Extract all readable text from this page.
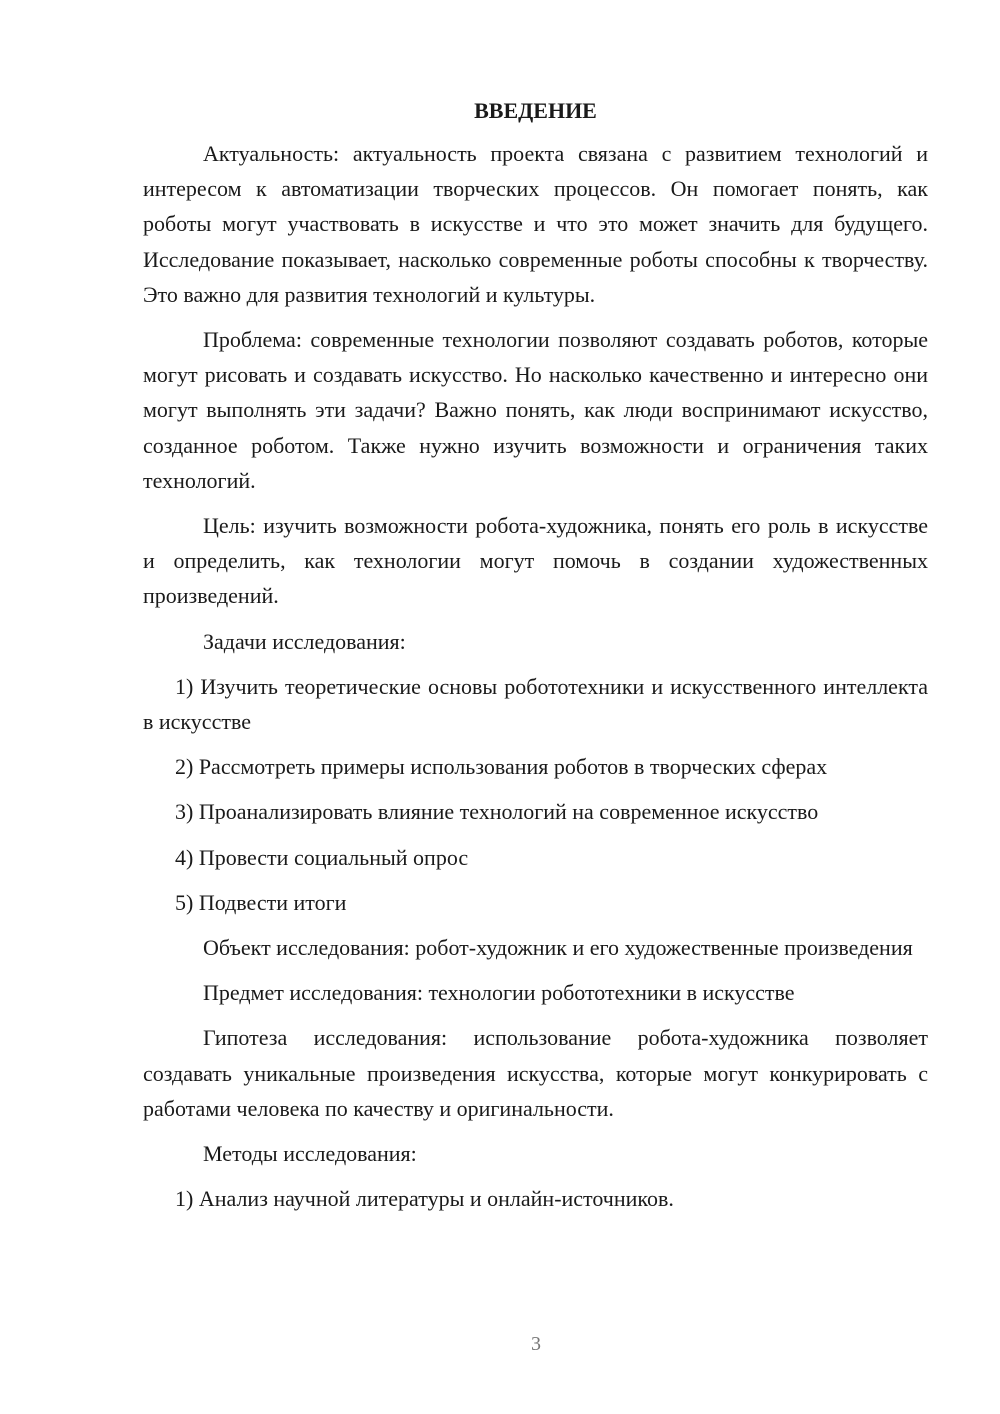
ВВЕДЕНИЕ

Актуальность: актуальность проекта связана с развитием технологий и интересом к автоматизации творческих процессов. Он помогает понять, как роботы могут участвовать в искусстве и что это может значить для будущего. Исследование показывает, насколько современные роботы способны к творчеству. Это важно для развития технологий и культуры.

Проблема: современные технологии позволяют создавать роботов, которые могут рисовать и создавать искусство. Но насколько качественно и интересно они могут выполнять эти задачи? Важно понять, как люди воспринимают искусство, созданное роботом. Также нужно изучить возможности и ограничения таких технологий.

Цель: изучить возможности робота-художника, понять его роль в искусстве и определить, как технологии могут помочь в создании художественных произведений.

Задачи исследования:

1) Изучить теоретические основы робототехники и искусственного интеллекта в искусстве

2) Рассмотреть примеры использования роботов в творческих сферах

3) Проанализировать влияние технологий на современное искусство

4) Провести социальный опрос

5) Подвести итоги

Объект исследования: робот-художник и его художественные произведения

Предмет исследования: технологии робототехники в искусстве

Гипотеза исследования: использование робота-художника позволяет создавать уникальные произведения искусства, которые могут конкурировать с работами человека по качеству и оригинальности.

Методы исследования:

1) Анализ научной литературы и онлайн-источников.

3
